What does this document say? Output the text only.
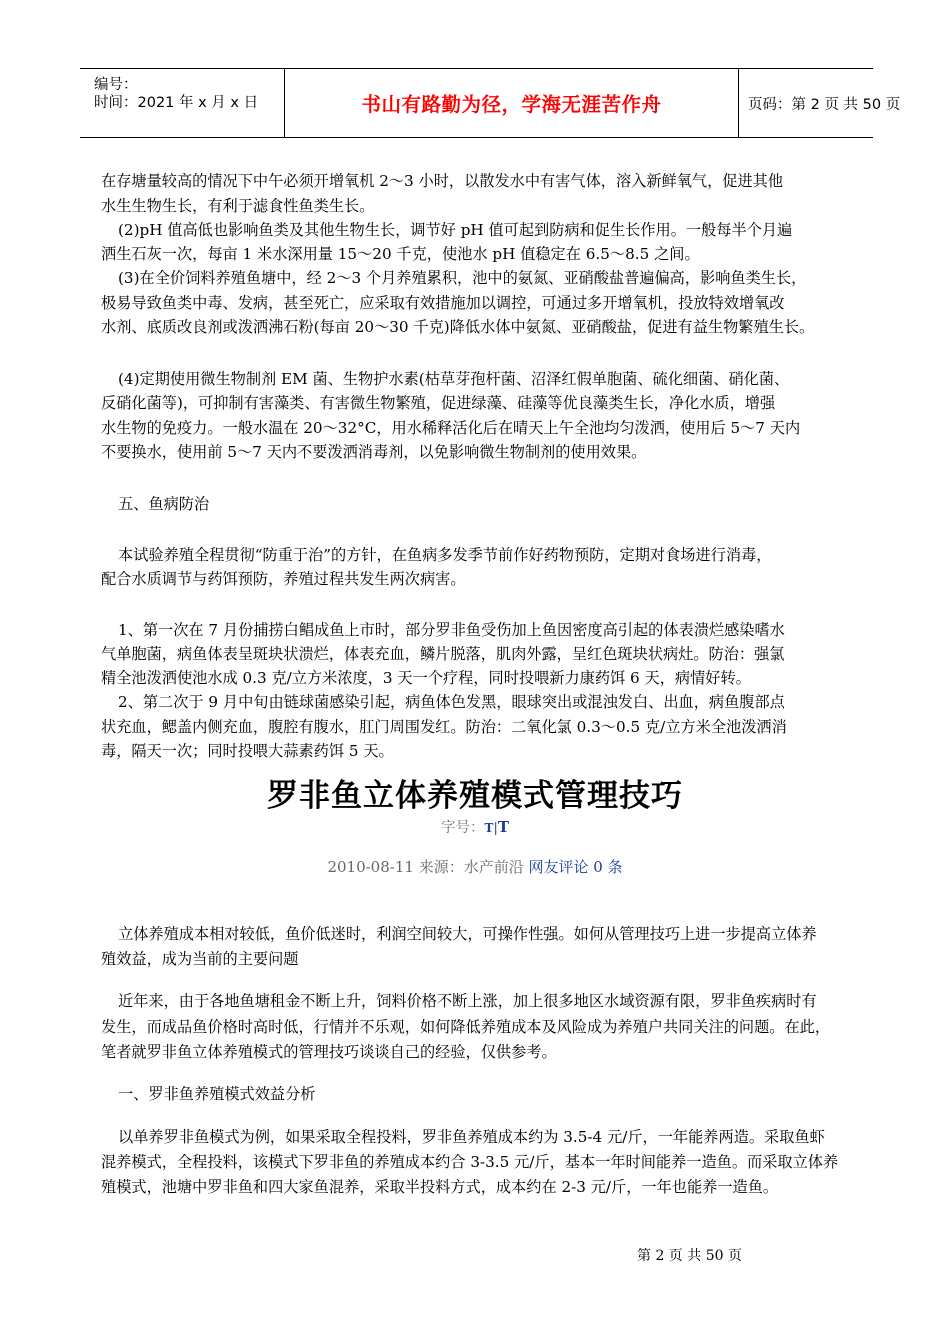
编号：
时间：2021 年 x 月 x 日	书山有路勤为径，学海无涯苦作舟	页码：第 2 页 共 50 页

在存塘量较高的情况下中午必须开增氧机 2～3 小时，以散发水中有害气体，溶入新鲜氧气，促进其他

水生生物生长，有利于滤食性鱼类生长。

(2)pH 值高低也影响鱼类及其他生物生长，调节好 pH 值可起到防病和促生长作用。一般每半个月遍

洒生石灰一次，每亩 1 米水深用量 15～20 千克，使池水 pH 值稳定在 6.5～8.5 之间。

(3)在全价饲料养殖鱼塘中，经 2～3 个月养殖累积，池中的氨氮、亚硝酸盐普遍偏高，影响鱼类生长，

极易导致鱼类中毒、发病，甚至死亡，应采取有效措施加以调控，可通过多开增氧机，投放特效增氧改

水剂、底质改良剂或泼洒沸石粉(每亩 20～30 千克)降低水体中氨氮、亚硝酸盐，促进有益生物繁殖生长。

(4)定期使用微生物制剂 EM 菌、生物护水素(枯草芽孢杆菌、沼泽红假单胞菌、硫化细菌、硝化菌、

反硝化菌等)，可抑制有害藻类、有害微生物繁殖，促进绿藻、硅藻等优良藻类生长，净化水质，增强

水生物的免疫力。一般水温在 20～32°C，用水稀释活化后在晴天上午全池均匀泼洒，使用后 5～7 天内

不要换水，使用前 5～7 天内不要泼洒消毒剂，以免影响微生物制剂的使用效果。

五、鱼病防治

本试验养殖全程贯彻“防重于治”的方针，在鱼病多发季节前作好药物预防，定期对食场进行消毒，

配合水质调节与药饵预防，养殖过程共发生两次病害。

1、第一次在 7 月份捕捞白鲳成鱼上市时，部分罗非鱼受伤加上鱼因密度高引起的体表溃烂感染嗜水

气单胞菌，病鱼体表呈斑块状溃烂，体表充血，鳞片脱落，肌肉外露，呈红色斑块状病灶。防治：强氯

精全池泼洒使池水成 0.3 克/立方米浓度，3 天一个疗程，同时投喂新力康药饵 6 天，病情好转。

2、第二次于 9 月中旬由链球菌感染引起，病鱼体色发黑，眼球突出或混浊发白、出血，病鱼腹部点

状充血，鳃盖内侧充血，腹腔有腹水，肛门周围发红。防治：二氧化氯 0.3～0.5 克/立方米全池泼洒消

毒，隔天一次；同时投喂大蒜素药饵 5 天。

罗非鱼立体养殖模式管理技巧
字号：T|T
2010-08-11 来源：水产前沿 网友评论 0 条

立体养殖成本相对较低，鱼价低迷时，利润空间较大，可操作性强。如何从管理技巧上进一步提高立体养

殖效益，成为当前的主要问题

近年来，由于各地鱼塘租金不断上升，饲料价格不断上涨，加上很多地区水域资源有限，罗非鱼疾病时有

发生，而成品鱼价格时高时低，行情并不乐观，如何降低养殖成本及风险成为养殖户共同关注的问题。在此，

笔者就罗非鱼立体养殖模式的管理技巧谈谈自己的经验，仅供参考。

一、罗非鱼养殖模式效益分析

以单养罗非鱼模式为例，如果采取全程投料，罗非鱼养殖成本约为 3.5-4 元/斤，一年能养两造。采取鱼虾

混养模式，全程投料，该模式下罗非鱼的养殖成本约合 3-3.5 元/斤，基本一年时间能养一造鱼。而采取立体养

殖模式，池塘中罗非鱼和四大家鱼混养，采取半投料方式，成本约在 2-3 元/斤，一年也能养一造鱼。

第 2 页 共 50 页
